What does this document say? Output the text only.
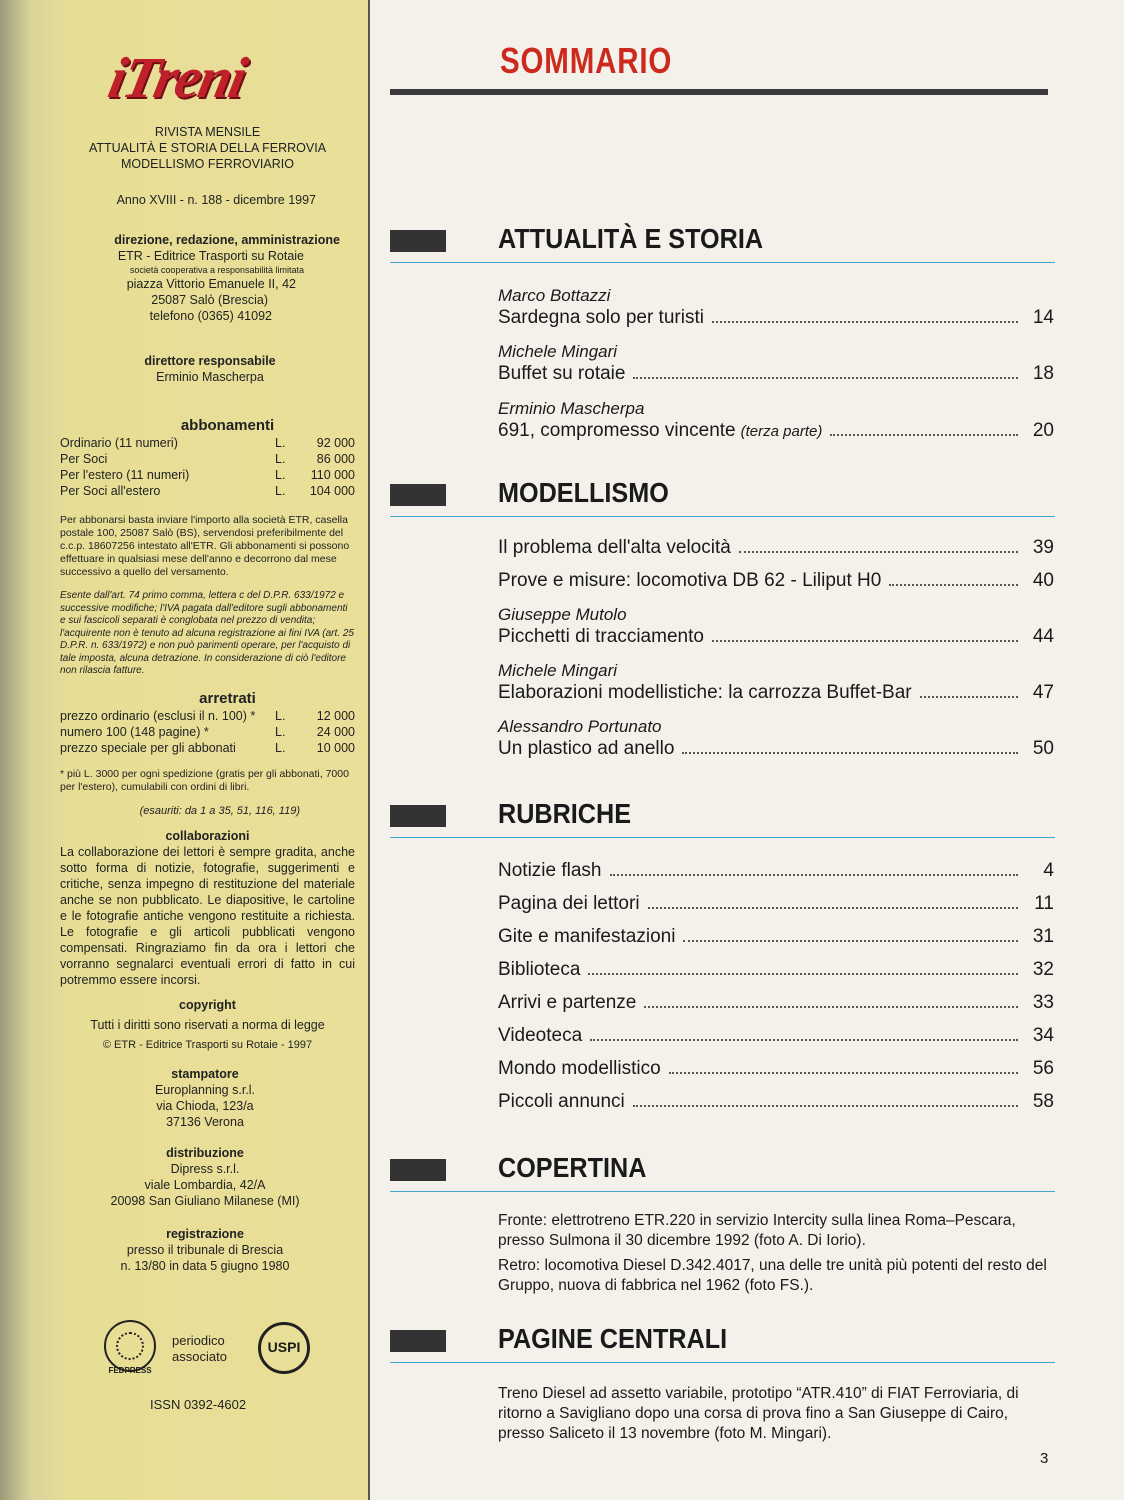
iTreni
RIVISTA MENSILE
ATTUALITÀ E STORIA DELLA FERROVIA
MODELLISMO FERROVIARIO
Anno XVIII - n. 188 - dicembre 1997
direzione, redazione, amministrazione
ETR - Editrice Trasporti su Rotaie
società cooperativa a responsabilità limitata
piazza Vittorio Emanuele II, 42
25087 Salò (Brescia)
telefono (0365) 41092
direttore responsabile
Erminio Mascherpa
abbonamenti
Ordinario (11 numeri)	L.	92 000
Per Soci	L.	86 000
Per l'estero (11 numeri)	L.	110 000
Per Soci all'estero	L.	104 000
Per abbonarsi basta inviare l'importo alla società ETR, casella postale 100, 25087 Salò (BS), servendosi preferibilmente del c.c.p. 18607256 intestato all'ETR. Gli abbonamenti si possono effettuare in qualsiasi mese dell'anno e decorrono dal mese successivo a quello del versamento.
Esente dall'art. 74 primo comma, lettera c del D.P.R. 633/1972 e successive modifiche; l'IVA pagata dall'editore sugli abbonamenti e sui fascicoli separati è conglobata nel prezzo di vendita; l'acquirente non è tenuto ad alcuna registrazione ai fini IVA (art. 25 D.P.R. n. 633/1972) e non può parimenti operare, per l'acquisto di tale imposta, alcuna detrazione. In considerazione di ciò l'editore non rilascia fatture.
arretrati
prezzo ordinario (esclusi il n. 100) *	L.	12 000
numero 100 (148 pagine) *	L.	24 000
prezzo speciale per gli abbonati	L.	10 000
* più L. 3000 per ogni spedizione (gratis per gli abbonati, 7000 per l'estero), cumulabili con ordini di libri.
(esauriti: da 1 a 35, 51, 116, 119)
collaborazioni
La collaborazione dei lettori è sempre gradita, anche sotto forma di notizie, fotografie, suggerimenti e critiche, senza impegno di restituzione del materiale anche se non pubblicato. Le diapositive, le cartoline e le fotografie antiche vengono restituite a richiesta. Le fotografie e gli articoli pubblicati vengono compensati. Ringraziamo fin da ora i lettori che vorranno segnalarci eventuali errori di fatto in cui potremmo essere incorsi.
copyright
Tutti i diritti sono riservati a norma di legge
© ETR - Editrice Trasporti su Rotaie - 1997
stampatore
Europlanning s.r.l.
via Chioda, 123/a
37136 Verona
distribuzione
Dipress s.r.l.
viale Lombardia, 42/A
20098 San Giuliano Milanese (MI)
registrazione
presso il tribunale di Brescia
n. 13/80 in data 5 giugno 1980
FEDPRESS
periodico
associato
USPI
ISSN 0392-4602
SOMMARIO
ATTUALITÀ E STORIA
Marco Bottazzi
Sardegna solo per turisti	14
Michele Mingari
Buffet su rotaie	18
Erminio Mascherpa
691, compromesso vincente (terza parte)	20
MODELLISMO
Il problema dell'alta velocità	39
Prove e misure: locomotiva DB 62 - Liliput H0	40
Giuseppe Mutolo
Picchetti di tracciamento	44
Michele Mingari
Elaborazioni modellistiche: la carrozza Buffet-Bar	47
Alessandro Portunato
Un plastico ad anello	50
RUBRICHE
Notizie flash	4
Pagina dei lettori	11
Gite e manifestazioni	31
Biblioteca	32
Arrivi e partenze	33
Videoteca	34
Mondo modellistico	56
Piccoli annunci	58
COPERTINA
Fronte: elettrotreno ETR.220 in servizio Intercity sulla linea Roma–Pescara, presso Sulmona il 30 dicembre 1992 (foto A. Di Iorio).
Retro: locomotiva Diesel D.342.4017, una delle tre unità più potenti del resto del Gruppo, nuova di fabbrica nel 1962 (foto FS.).
PAGINE CENTRALI
Treno Diesel ad assetto variabile, prototipo “ATR.410” di FIAT Ferroviaria, di ritorno a Savigliano dopo una corsa di prova fino a San Giuseppe di Cairo, presso Saliceto il 13 novembre (foto M. Mingari).
3
